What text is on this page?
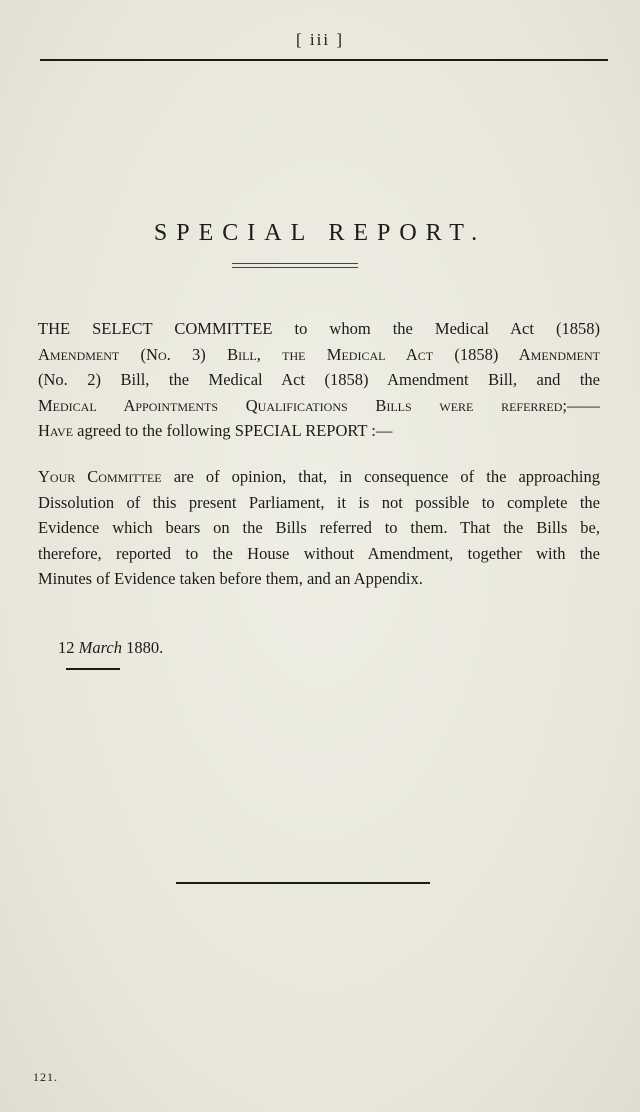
[ iii ]
SPECIAL REPORT.
THE SELECT COMMITTEE to whom the Medical Act (1858)
Amendment (No. 3) Bill, the Medical Act (1858) Amendment
(No. 2) Bill, the Medical Act (1858) Amendment Bill, and the
Medical Appointments Qualifications Bills were referred;——
Have agreed to the following SPECIAL REPORT :—
Your Committee are of opinion, that, in consequence of the approaching
Dissolution of this present Parliament, it is not possible to complete the
Evidence which bears on the Bills referred to them. That the Bills be,
therefore, reported to the House without Amendment, together with the
Minutes of Evidence taken before them, and an Appendix.
12 March 1880.
121.
